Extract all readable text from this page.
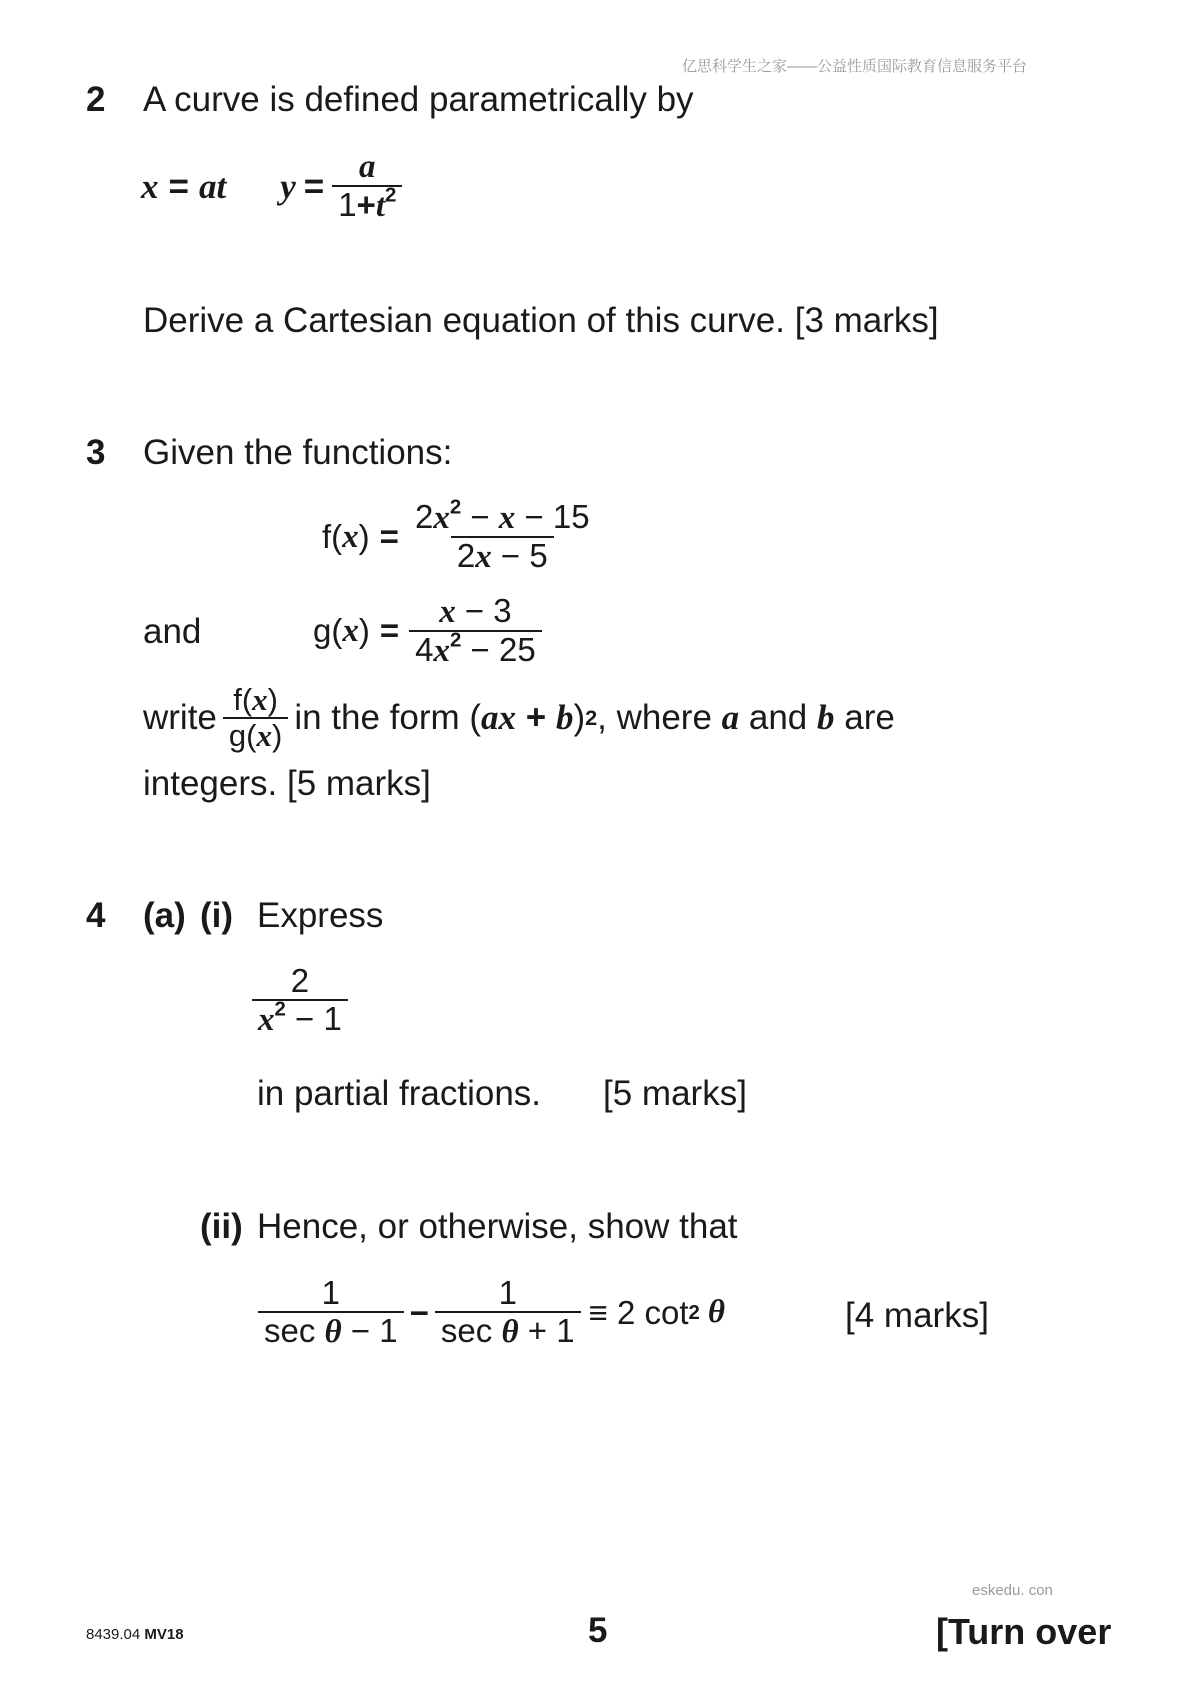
亿思科学生之家——公益性质国际教育信息服务平台
2 A curve is defined parametrically by
x = at $y = \frac{a}{1+t^2}$
Derive a Cartesian equation of this curve. [3 marks]
3 Given the functions:
f ( x ) = $\frac{2x^2 - x - 15}{2x - 5}$
and	g ( x ) = $\frac{x - 3}{4x^2 - 25}$
write $\frac{f(x)}{g(x)}$ in the form ( ax + b ) 2 , where a and b are
integers. [5 marks]
4 (a) (i) Express
$\frac{2}{x^2 - 1}$
in partial fractions. [5 marks]
(ii) Hence, or otherwise, show that
$\frac{1}{\text{sec θ − 1}} - \frac{1}{\text{sec θ + 1}} \equiv 2$ cot 2 θ	[4 marks]
eskedu. con
8439.04 MV18	5	[Turn over
